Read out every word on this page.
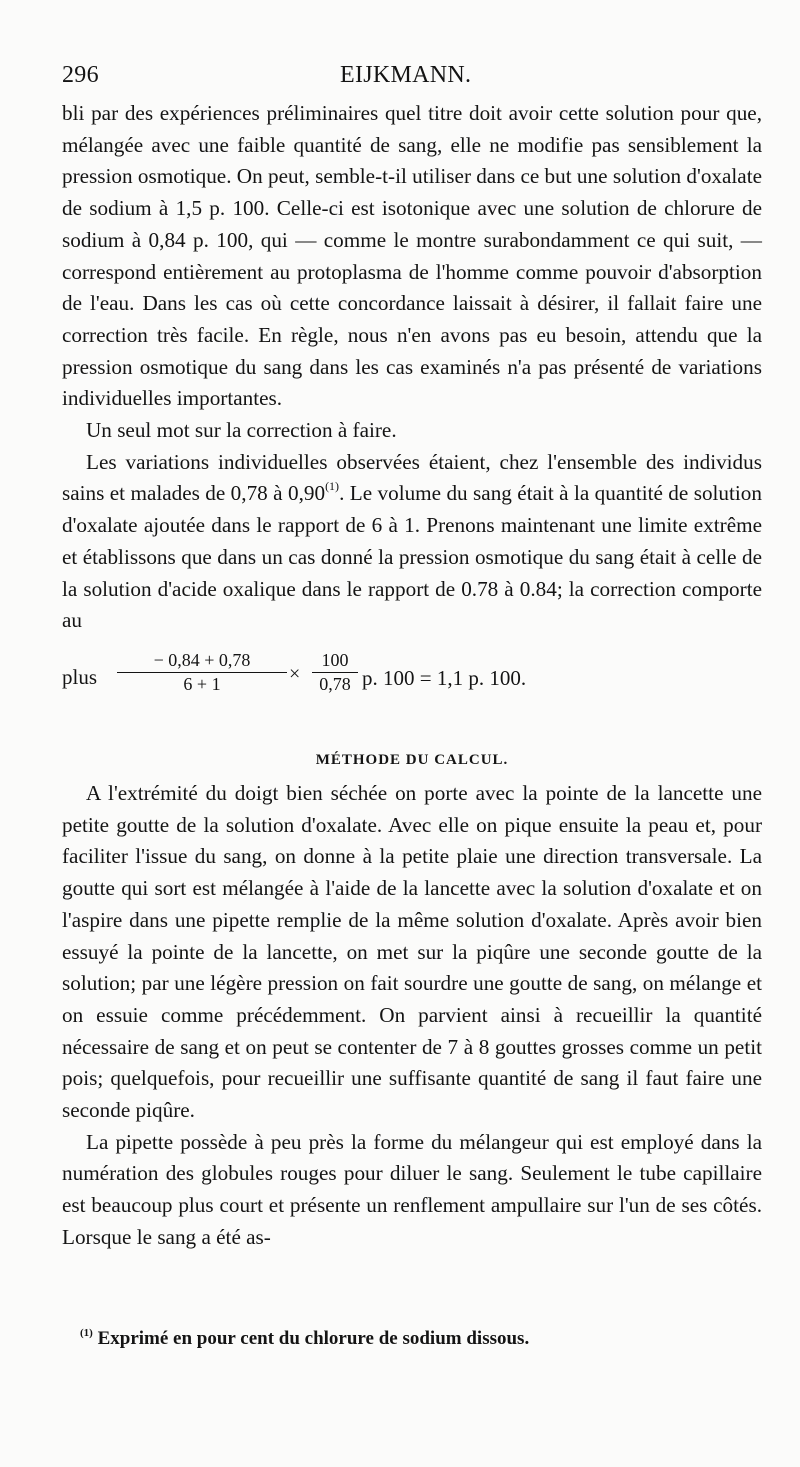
296	EIJKMANN.

bli par des expériences préliminaires quel titre doit avoir cette solution pour que, mélangée avec une faible quantité de sang, elle ne modifie pas sensiblement la pression osmotique. On peut, semble-t-il utiliser dans ce but une solution d'oxalate de sodium à 1,5 p. 100. Celle-ci est isotonique avec une solution de chlorure de sodium à 0,84 p. 100, qui — comme le montre surabondamment ce qui suit, — correspond entièrement au protoplasma de l'homme comme pouvoir d'absorption de l'eau. Dans les cas où cette concordance laissait à désirer, il fallait faire une correction très facile. En règle, nous n'en avons pas eu besoin, attendu que la pression osmotique du sang dans les cas examinés n'a pas présenté de variations individuelles importantes.

Un seul mot sur la correction à faire.

Les variations individuelles observées étaient, chez l'ensemble des individus sains et malades de 0,78 à 0,90$^{(1)}$. Le volume du sang était à la quantité de solution d'oxalate ajoutée dans le rapport de 6 à 1. Prenons maintenant une limite extrême et établissons que dans un cas donné la pression osmotique du sang était à celle de la solution d'acide oxalique dans le rapport de 0.78 à 0.84; la correction comporte au

plus $\frac{- 0,84 + 0,78}{6 + 1} \times \frac{100}{0,78} p$. 100 = 1,1 p. 100.
MÉTHODE DU CALCUL.

A l'extrémité du doigt bien séchée on porte avec la pointe de la lancette une petite goutte de la solution d'oxalate. Avec elle on pique ensuite la peau et, pour faciliter l'issue du sang, on donne à la petite plaie une direction transversale. La goutte qui sort est mélangée à l'aide de la lancette avec la solution d'oxalate et on l'aspire dans une pipette remplie de la même solution d'oxalate. Après avoir bien essuyé la pointe de la lancette, on met sur la piqûre une seconde goutte de la solution; par une légère pression on fait sourdre une goutte de sang, on mélange et on essuie comme précédemment. On parvient ainsi à recueillir la quantité nécessaire de sang et on peut se contenter de 7 à 8 gouttes grosses comme un petit pois; quelquefois, pour recueillir une suffisante quantité de sang il faut faire une seconde piqûre.

La pipette possède à peu près la forme du mélangeur qui est employé dans la numération des globules rouges pour diluer le sang. Seulement le tube capillaire est beaucoup plus court et présente un renflement ampullaire sur l'un de ses côtés. Lorsque le sang a été as-

$^{(1)}$ Exprimé en pour cent du chlorure de sodium dissous.
